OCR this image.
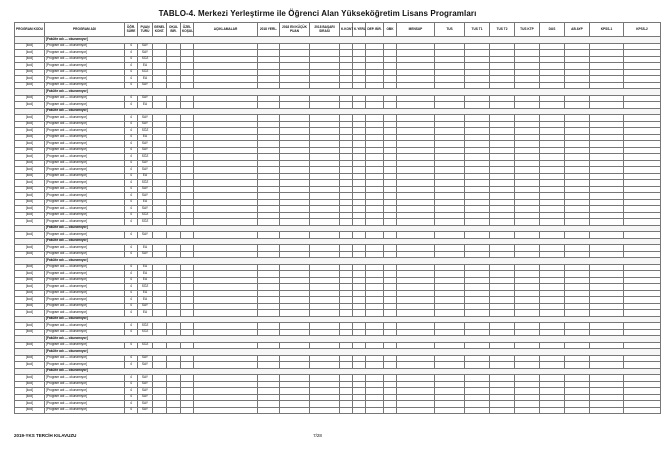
TABLO-4. Merkezi Yerleştirme ile Öğrenci Alan Yükseköğretim Lisans Programları
PROGRAM KODU	PROGRAM ADI	ÖĞR. SÜRE	PUAN TÜRÜ	GENEL KONT.	OKUL BİR.	ÖZEL KOŞUL	AÇIKLAMALAR	2018 YERL.	2018 EN KÜÇÜK PUAN	2018 BAŞARI SIRASI	K.KONT	K.YERL	DEP. BİR.	OBK	MENSUP	TUS	TUS T1	TUS T2	TUS KTP	DUS	AB AYP	KPSS-1	KPSS-2
	[Fakülte adı — okunamıyor]																						
[kod]	[Program adı — okunamıyor]	4	SAY																				
[kod]	[Program adı — okunamıyor]	4	SAY																				
[kod]	[Program adı — okunamıyor]	4	SÖZ																				
[kod]	[Program adı — okunamıyor]	4	EA																				
[kod]	[Program adı — okunamıyor]	4	SÖZ																				
[kod]	[Program adı — okunamıyor]	4	EA																				
[kod]	[Program adı — okunamıyor]	4	SAY																				
	[Fakülte adı — okunamıyor]																						
[kod]	[Program adı — okunamıyor]	4	SAY																				
[kod]	[Program adı — okunamıyor]	4	EA																				
	[Fakülte adı — okunamıyor]																						
[kod]	[Program adı — okunamıyor]	4	SAY																				
[kod]	[Program adı — okunamıyor]	4	SAY																				
[kod]	[Program adı — okunamıyor]	4	SÖZ																				
[kod]	[Program adı — okunamıyor]	4	EA																				
[kod]	[Program adı — okunamıyor]	4	SAY																				
[kod]	[Program adı — okunamıyor]	4	SAY																				
[kod]	[Program adı — okunamıyor]	4	SÖZ																				
[kod]	[Program adı — okunamıyor]	4	SAY																				
[kod]	[Program adı — okunamıyor]	4	SAY																				
[kod]	[Program adı — okunamıyor]	4	EA																				
[kod]	[Program adı — okunamıyor]	4	SÖZ																				
[kod]	[Program adı — okunamıyor]	4	SAY																				
[kod]	[Program adı — okunamıyor]	4	SAY																				
[kod]	[Program adı — okunamıyor]	4	EA																				
[kod]	[Program adı — okunamıyor]	4	SAY																				
[kod]	[Program adı — okunamıyor]	4	SÖZ																				
[kod]	[Program adı — okunamıyor]	4	SÖZ																				
	[Fakülte adı — okunamıyor]																						
[kod]	[Program adı — okunamıyor]	4	SAY																				
	[Fakülte adı — okunamıyor]																						
[kod]	[Program adı — okunamıyor]	4	EA																				
[kod]	[Program adı — okunamıyor]	4	SAY																				
	[Fakülte adı — okunamıyor]																						
[kod]	[Program adı — okunamıyor]	4	EA																				
[kod]	[Program adı — okunamıyor]	4	EA																				
[kod]	[Program adı — okunamıyor]	4	EA																				
[kod]	[Program adı — okunamıyor]	4	SÖZ																				
[kod]	[Program adı — okunamıyor]	4	EA																				
[kod]	[Program adı — okunamıyor]	4	EA																				
[kod]	[Program adı — okunamıyor]	4	SAY																				
[kod]	[Program adı — okunamıyor]	4	EA																				
	[Fakülte adı — okunamıyor]																						
[kod]	[Program adı — okunamıyor]	4	SÖZ																				
[kod]	[Program adı — okunamıyor]	4	SÖZ																				
	[Fakülte adı — okunamıyor]																						
[kod]	[Program adı — okunamıyor]	4	SÖZ																				
	[Fakülte adı — okunamıyor]																						
[kod]	[Program adı — okunamıyor]	4	SAY																				
[kod]	[Program adı — okunamıyor]	4	SAY																				
	[Fakülte adı — okunamıyor]																						
[kod]	[Program adı — okunamıyor]	4	SAY																				
[kod]	[Program adı — okunamıyor]	4	SAY																				
[kod]	[Program adı — okunamıyor]	4	SAY																				
[kod]	[Program adı — okunamıyor]	4	SAY																				
[kod]	[Program adı — okunamıyor]	4	SAY																				
[kod]	[Program adı — okunamıyor]	4	SAY																				
2019-YKS TERCİH KILAVUZU	7/28
